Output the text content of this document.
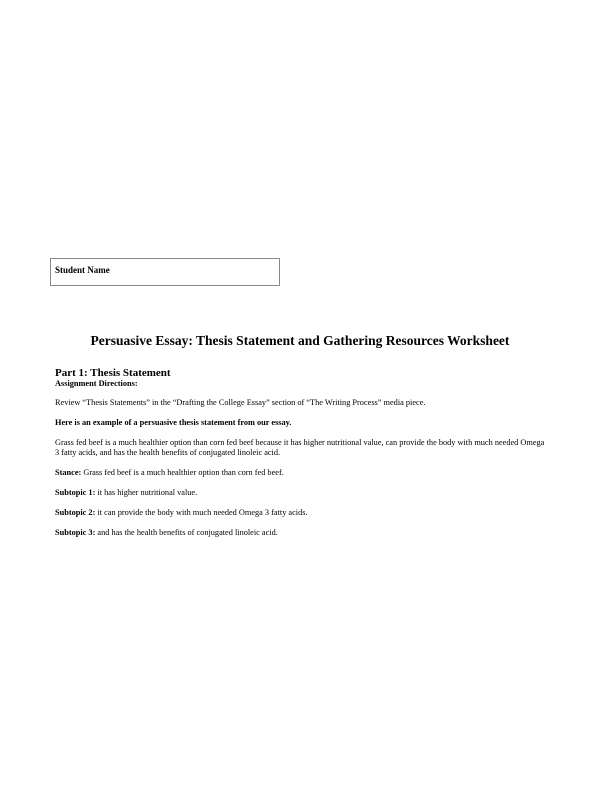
Student Name
Persuasive Essay: Thesis Statement and Gathering Resources Worksheet

Part 1: Thesis Statement

Assignment Directions:

Review “Thesis Statements” in the “Drafting the College Essay” section of “The Writing Process” media piece.

Here is an example of a persuasive thesis statement from our essay.

Grass fed beef is a much healthier option than corn fed beef because it has higher nutritional value, can provide the body with much needed Omega 3 fatty acids, and has the health benefits of conjugated linoleic acid.

Stance: Grass fed beef is a much healthier option than corn fed beef.

Subtopic 1: it has higher nutritional value.

Subtopic 2: it can provide the body with much needed Omega 3 fatty acids.

Subtopic 3: and has the health benefits of conjugated linoleic acid.
